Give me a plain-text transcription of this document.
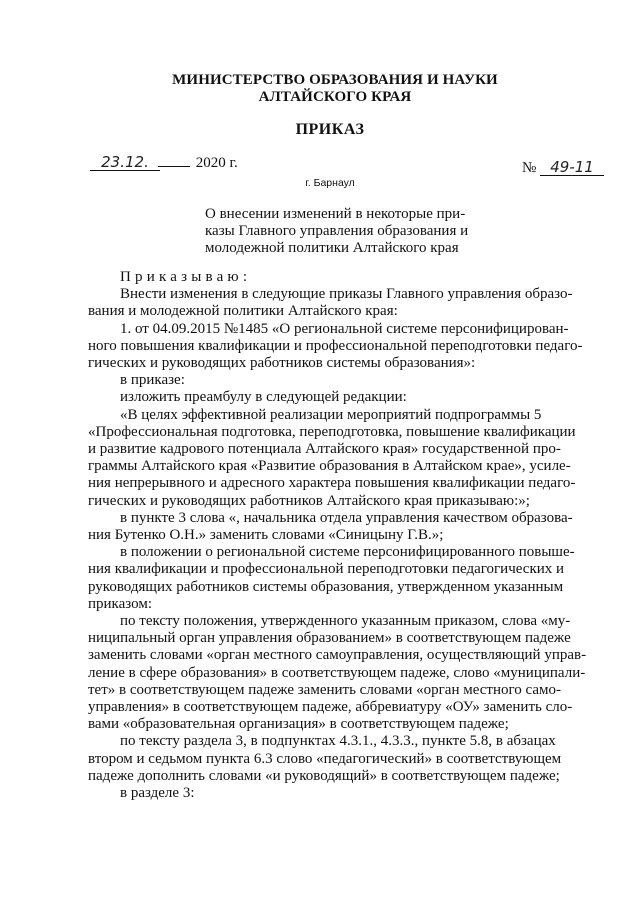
МИНИСТЕРСТВО ОБРАЗОВАНИЯ И НАУКИ
АЛТАЙСКОГО КРАЯ
ПРИКАЗ
23.12.	2020 г.
г. Барнаул
№ 49-11
О внесении изменений в некоторые при-
казы Главного управления образования и
молодежной политики Алтайского края
Приказываю:
Внести изменения в следующие приказы Главного управления образо-
вания и молодежной политики Алтайского края:
1. от 04.09.2015 №1485 «О региональной системе персонифицирован-
ного повышения квалификации и профессиональной переподготовки педаго-
гических и руководящих работников системы образования»:
в приказе:
изложить преамбулу в следующей редакции:
«В целях эффективной реализации мероприятий подпрограммы 5
«Профессиональная подготовка, переподготовка, повышение квалификации
и развитие кадрового потенциала Алтайского края» государственной про-
граммы Алтайского края «Развитие образования в Алтайском крае», усиле-
ния непрерывного и адресного характера повышения квалификации педаго-
гических и руководящих работников Алтайского края приказываю:»;
в пункте 3 слова «, начальника отдела управления качеством образова-
ния Бутенко О.Н.» заменить словами «Синицыну Г.В.»;
в положении о региональной системе персонифицированного повыше-
ния квалификации и профессиональной переподготовки педагогических и
руководящих работников системы образования, утвержденном указанным
приказом:
по тексту положения, утвержденного указанным приказом, слова «му-
ниципальный орган управления образованием» в соответствующем падеже
заменить словами «орган местного самоуправления, осуществляющий управ-
ление в сфере образования» в соответствующем падеже, слово «муниципали-
тет» в соответствующем падеже заменить словами «орган местного само-
управления» в соответствующем падеже, аббревиатуру «ОУ» заменить сло-
вами «образовательная организация» в соответствующем падеже;
по тексту раздела 3, в подпунктах 4.3.1., 4.3.3., пункте 5.8, в абзацах
втором и седьмом пункта 6.3 слово «педагогический» в соответствующем
падеже дополнить словами «и руководящий» в соответствующем падеже;
в разделе 3:
